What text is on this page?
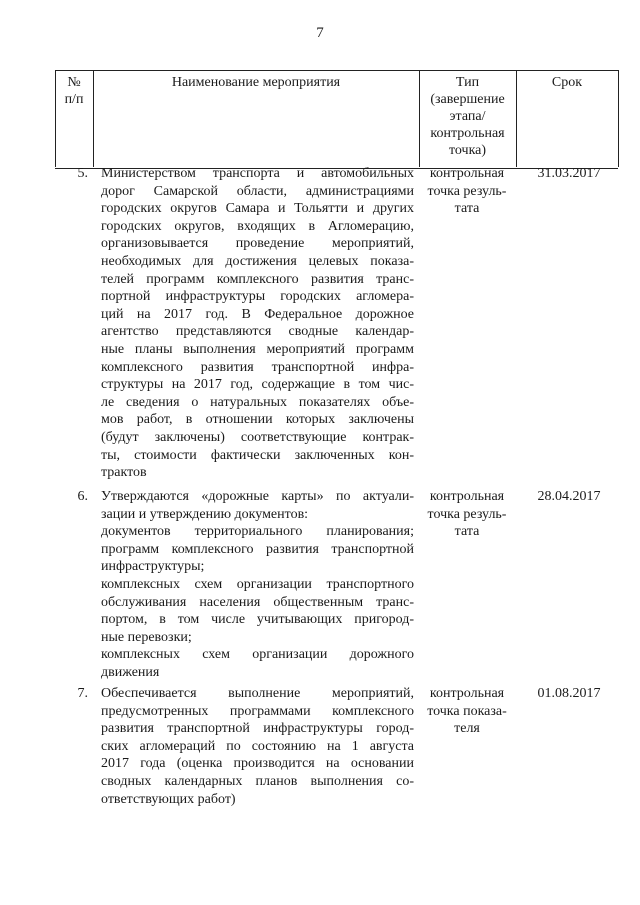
7
№
п/п
Наименование мероприятия	Тип
(завершение
этапа/
контрольная
точка)
Срок
5. Министерством транспорта и автомобильных
дорог Самарской области, администрациями
городских округов Самара и Тольятти и других
городских округов, входящих в Агломерацию,
организовывается проведение мероприятий,
необходимых для достижения целевых показа-
телей программ комплексного развития транс-
портной инфраструктуры городских агломера-
ций на 2017 год. В Федеральное дорожное
агентство представляются сводные календар-
ные планы выполнения мероприятий программ
комплексного развития транспортной инфра-
структуры на 2017 год, содержащие в том чис-
ле сведения о натуральных показателях объе-
мов работ, в отношении которых заключены
(будут заключены) соответствующие контрак-
ты, стоимости фактически заключенных кон-
трактов
контрольная
точка резуль-
тата
31.03.2017
6. Утверждаются «дорожные карты» по актуали-
зации и утверждению документов:
документов территориального планирования;
программ комплексного развития транспортной
инфраструктуры;
комплексных схем организации транспортного
обслуживания населения общественным транс-
портом, в том числе учитывающих пригород-
ные перевозки;
комплексных схем организации дорожного
движения
контрольная
точка резуль-
тата
28.04.2017
7. Обеспечивается выполнение мероприятий,
предусмотренных программами комплексного
развития транспортной инфраструктуры город-
ских агломераций по состоянию на 1 августа
2017 года (оценка производится на основании
сводных календарных планов выполнения со-
ответствующих работ)
контрольная
точка показа-
теля
01.08.2017
